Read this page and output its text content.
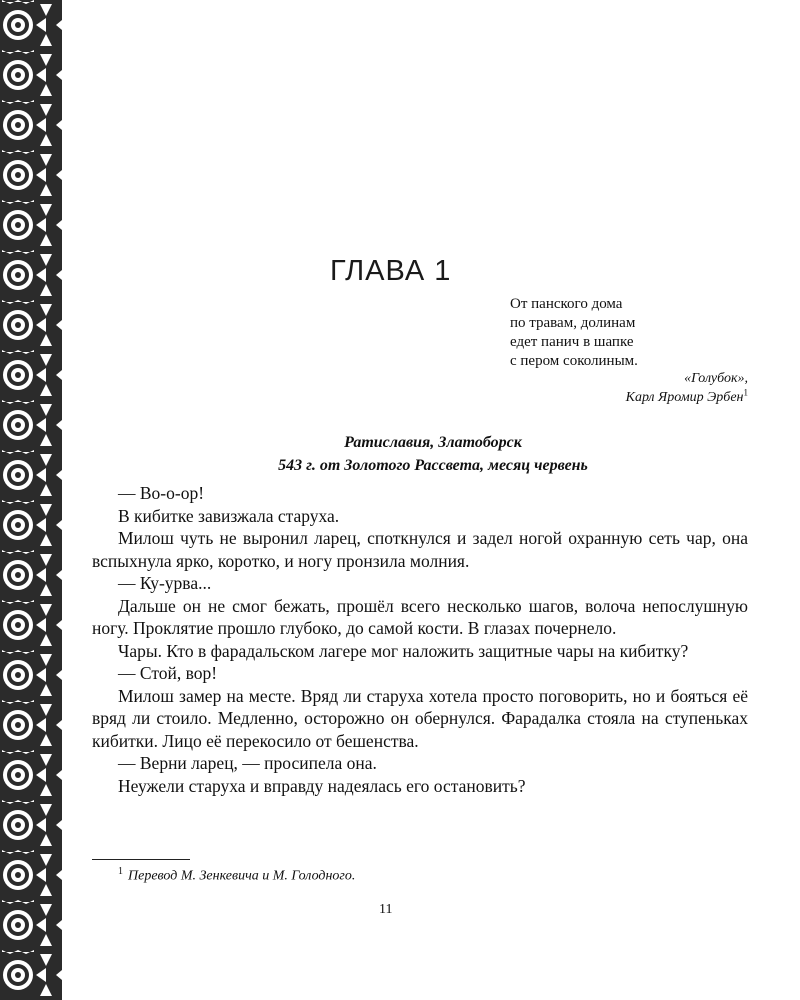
ГЛАВА 1
От панского дома
по травам, долинам
едет панич в шапке
с пером соколиным.
«Голубок»,
Карл Яромир Эрбен$^1$
Ратиславия, Златоборск
543 г. от Золотого Рассвета, месяц червень
— Во-о-ор!
В кибитке завизжала старуха.
Милош чуть не выронил ларец, споткнулся и задел ногой охранную сеть чар, она вспыхнула ярко, коротко, и ногу пронзила молния.
— Ку-урва...
Дальше он не смог бежать, прошёл всего несколько шагов, волоча непослушную ногу. Проклятие прошло глубоко, до самой кости. В глазах почернело.
Чары. Кто в фарадальском лагере мог наложить защитные чары на кибитку?
— Стой, вор!
Милош замер на месте. Вряд ли старуха хотела просто поговорить, но и бояться её вряд ли стоило. Медленно, осторожно он обернулся. Фарадалка стояла на ступеньках кибитки. Лицо её перекосило от бешенства.
— Верни ларец, — просипела она.
Неужели старуха и вправду надеялась его остановить?
$^1$ Перевод М. Зенкевича и М. Голодного.
11
